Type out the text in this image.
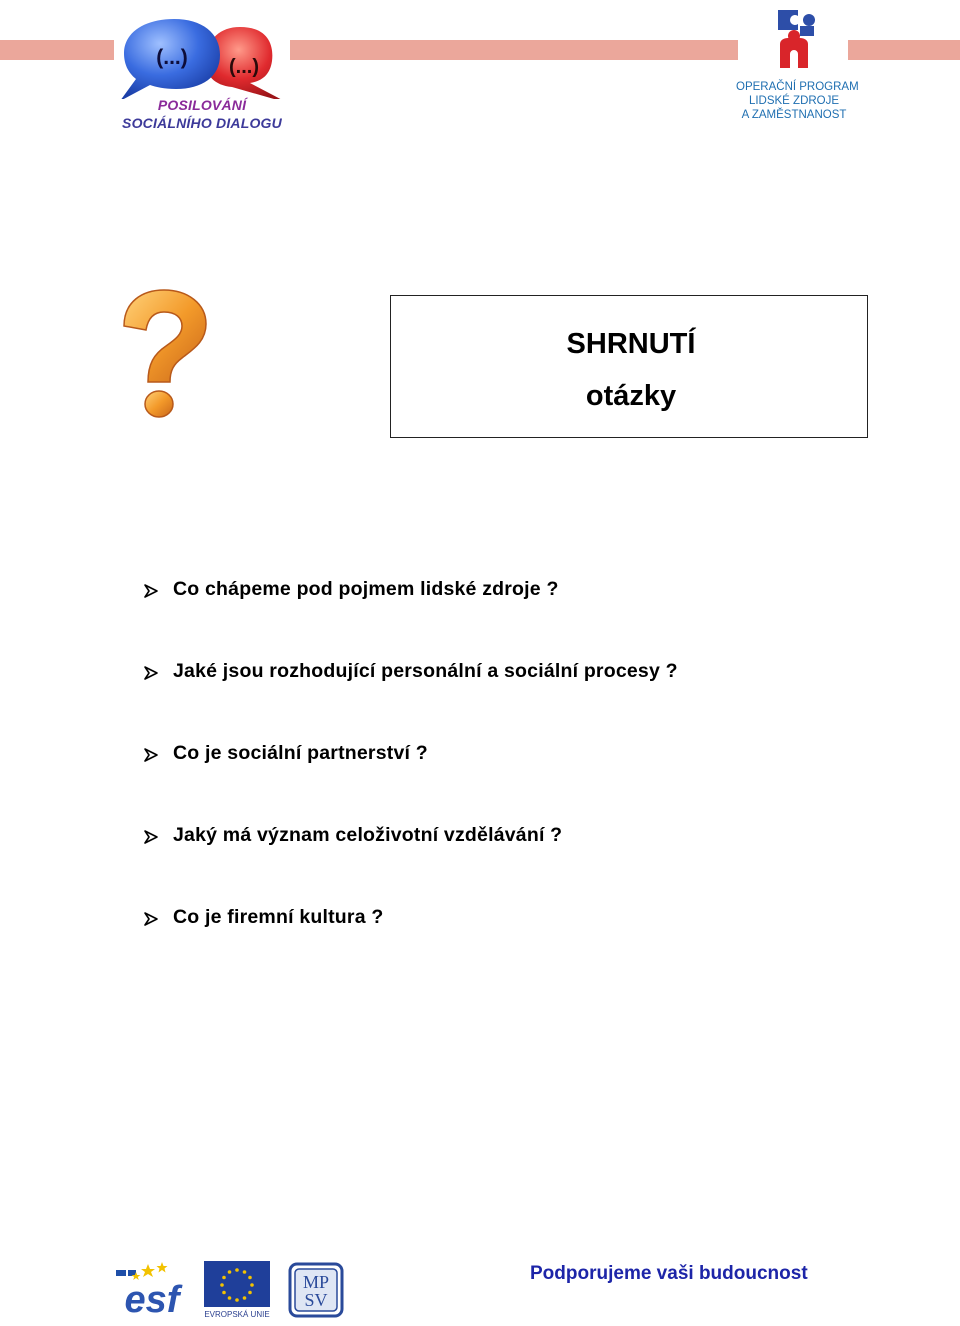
(...) (...)
POSILOVÁNÍ
SOCIÁLNÍHO DIALOGU
OPERAČNÍ PROGRAM
LIDSKÉ ZDROJE
A ZAMĚSTNANOST
SHRNUTÍ
otázky
Co chápeme pod pojmem lidské zdroje ?
Jaké jsou rozhodující personální a sociální procesy ?
Co je sociální partnerství ?
Jaký má význam celoživotní vzdělávání ?
Co je firemní kultura ?
esf	EVROPSKÁ UNIE
MP
SV
Podporujeme vaši budoucnost
